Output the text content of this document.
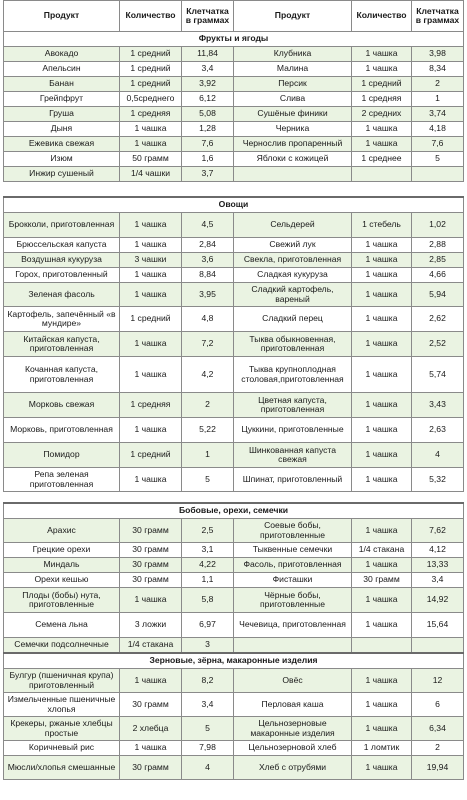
Продукт	Количество	Клетчатка в граммах	Продукт	Количество	Клетчатка в граммах
Фрукты и ягоды					
Авокадо	1 средний	11,84	Клубника	1 чашка	3,98
Апельсин	1 средний	3,4	Малина	1 чашка	8,34
Банан	1 средний	3,92	Персик	1 средний	2
Грейпфрут	0,5среднего	6,12	Слива	1 средняя	1
Груша	1 средняя	5,08	Сушёные финики	2 средних	3,74
Дыня	1 чашка	1,28	Черника	1 чашка	4,18
Ежевика свежая	1 чашка	7,6	Чернослив пропаренный	1 чашка	7,6
Изюм	50 грамм	1,6	Яблоки с кожицей	1 среднее	5
Инжир сушеный	1/4 чашки	3,7			

Овощи					
Брокколи, приготовленная	1 чашка	4,5	Сельдерей	1 стебель	1,02
Брюссельская капуста	1 чашка	2,84	Свежий лук	1 чашка	2,88
Воздушная кукуруза	3 чашки	3,6	Свекла, приготовленная	1 чашка	2,85
Горох, приготовленный	1 чашка	8,84	Сладкая кукуруза	1 чашка	4,66
Зеленая фасоль	1 чашка	3,95	Сладкий картофель, вареный	1 чашка	5,94
Картофель, запечённый «в мундире»	1 средний	4,8	Сладкий перец	1 чашка	2,62
Китайская капуста, приготовленная	1 чашка	7,2	Тыква обыкновенная, приготовленная	1 чашка	2,52
Кочанная капуста, приготовленная	1 чашка	4,2	Тыква крупноплодная столовая,приготовленная	1 чашка	5,74
Морковь свежая	1 средняя	2	Цветная капуста, приготовленная	1 чашка	3,43
Морковь, приготовленная	1 чашка	5,22	Цуккини, приготовленные	1 чашка	2,63
Помидор	1 средний	1	Шинкованная капуста свежая	1 чашка	4
Репа зеленая приготовленная	1 чашка	5	Шпинат, приготовленный	1 чашка	5,32

Бобовые, орехи, семечки					
Арахис	30 грамм	2,5	Соевые бобы, приготовленные	1 чашка	7,62
Грецкие орехи	30 грамм	3,1	Тыквенные семечки	1/4 стакана	4,12
Миндаль	30 грамм	4,22	Фасоль, приготовленная	1 чашка	13,33
Орехи кешью	30 грамм	1,1	Фисташки	30 грамм	3,4
Плоды (бобы) нута, приготовленные	1 чашка	5,8	Чёрные бобы, приготовленные	1 чашка	14,92
Семена льна	3 ложки	6,97	Чечевица, приготовленная	1 чашка	15,64
Семечки подсолнечные	1/4 стакана	3			
Зерновые, зёрна, макаронные изделия					
Булгур (пшеничная крупа) приготовленный	1 чашка	8,2	Овёс	1 чашка	12
Измельченные пшеничные хлопья	30 грамм	3,4	Перловая каша	1 чашка	6
Крекеры, ржаные хлебцы простые	2 хлебца	5	Цельнозерновые макаронные изделия	1 чашка	6,34
Коричневый рис	1 чашка	7,98	Цельнозерновой хлеб	1 ломтик	2
Мюсли/хлопья смешанные	30 грамм	4	Хлеб с отрубями	1 чашка	19,94
